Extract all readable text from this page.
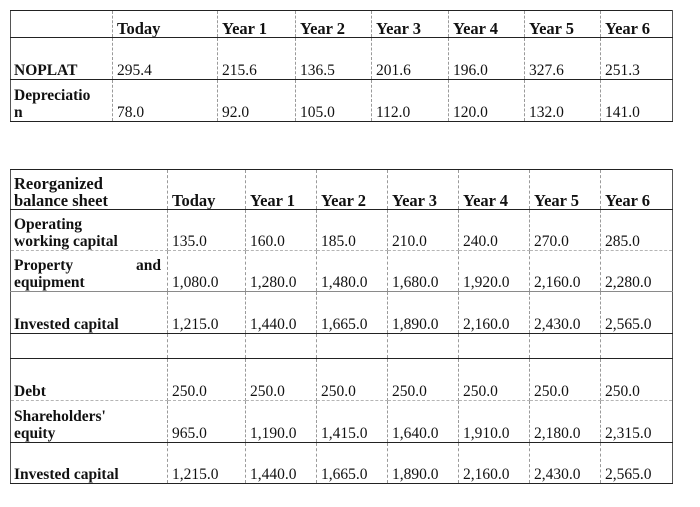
	Today	Year 1	Year 2	Year 3	Year 4	Year 5	Year 6
NOPLAT	295.4	215.6	136.5	201.6	196.0	327.6	251.3

Depreciatio
n	78.0	92.0	105.0	112.0	120.0	132.0	141.0
Reorganized
balance sheet	Today	Year 1	Year 2	Year 3	Year 4	Year 5	Year 6

Operating
working capital	135.0	160.0	185.0	210.0	240.0	270.0	285.0

Property and
equipment	1,080.0	1,280.0	1,480.0	1,680.0	1,920.0	2,160.0	2,280.0
Invested capital	1,215.0	1,440.0	1,665.0	1,890.0	2,160.0	2,430.0	2,565.0

Debt	250.0	250.0	250.0	250.0	250.0	250.0	250.0

Shareholders'
equity	965.0	1,190.0	1,415.0	1,640.0	1,910.0	2,180.0	2,315.0
Invested capital	1,215.0	1,440.0	1,665.0	1,890.0	2,160.0	2,430.0	2,565.0
